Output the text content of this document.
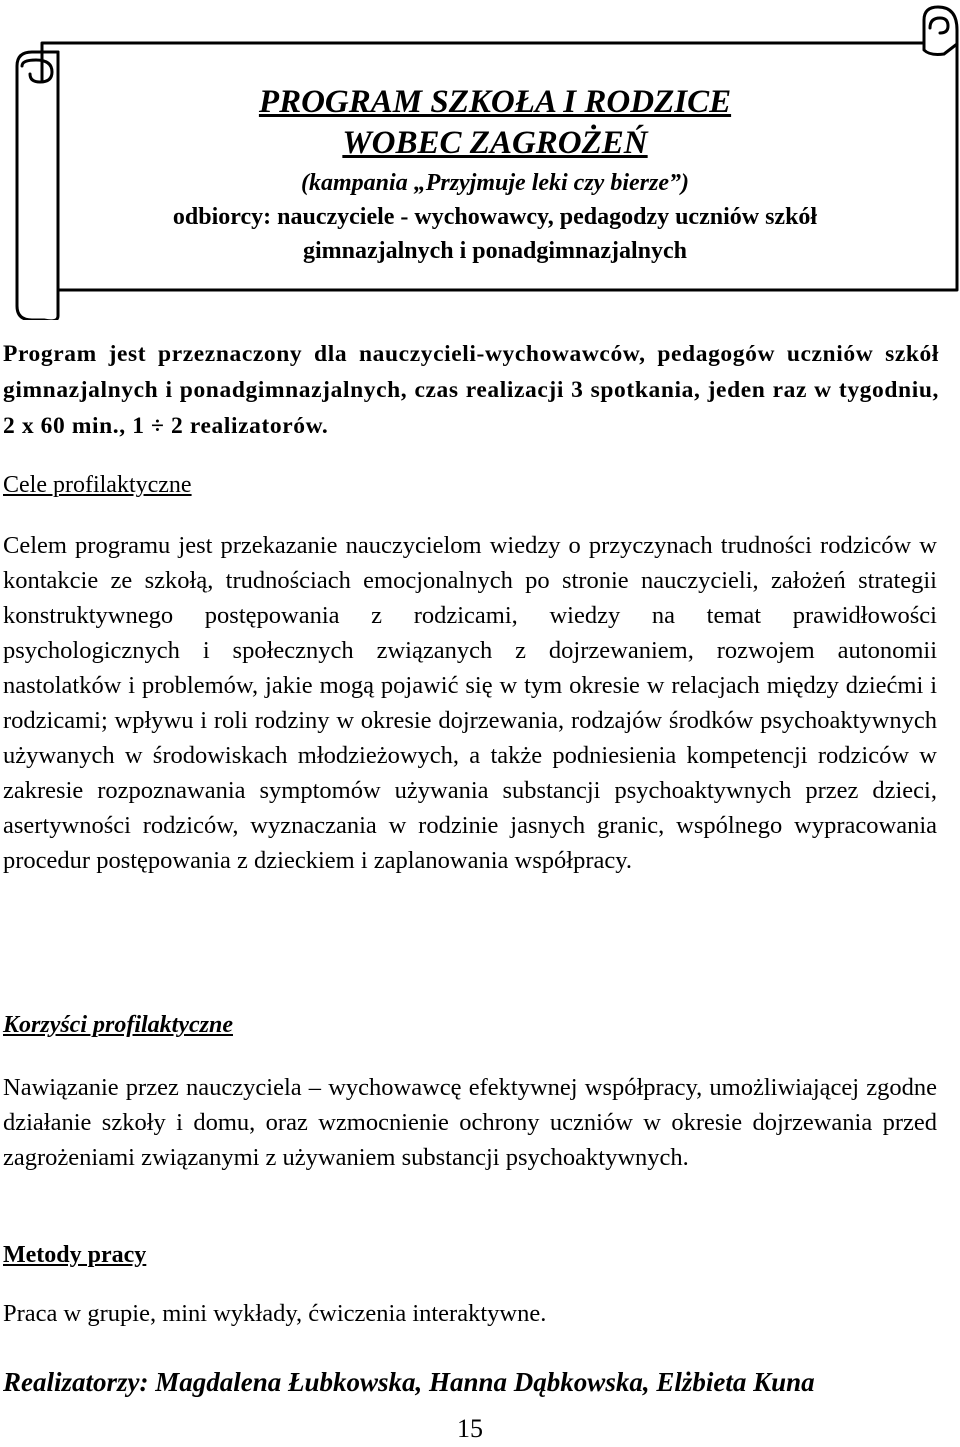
PROGRAM SZKOŁA I RODZICE
WOBEC ZAGROŻEŃ
(kampania „Przyjmuje leki czy bierze”)
odbiorcy: nauczyciele - wychowawcy, pedagodzy uczniów szkół
gimnazjalnych i ponadgimnazjalnych
Program jest przeznaczony dla nauczycieli-wychowawców, pedagogów uczniów szkół gimnazjalnych i ponadgimnazjalnych, czas realizacji 3 spotkania, jeden raz w tygodniu, 2 x 60 min., 1 ÷ 2 realizatorów.
Cele profilaktyczne
Celem programu jest przekazanie nauczycielom wiedzy o przyczynach trudności rodziców w kontakcie ze szkołą, trudnościach emocjonalnych po stronie nauczycieli, założeń strategii konstruktywnego postępowania z rodzicami, wiedzy na temat prawidłowości psychologicznych i społecznych związanych z dojrzewaniem, rozwojem autonomii nastolatków i problemów, jakie mogą pojawić się w tym okresie w relacjach między dziećmi i rodzicami; wpływu i roli rodziny w okresie dojrzewania, rodzajów środków psychoaktywnych używanych w środowiskach młodzieżowych, a także podniesienia kompetencji rodziców w zakresie rozpoznawania symptomów używania substancji psychoaktywnych przez dzieci, asertywności rodziców, wyznaczania w rodzinie jasnych granic, wspólnego wypracowania procedur postępowania z dzieckiem i zaplanowania współpracy.
Korzyści profilaktyczne
Nawiązanie przez nauczyciela – wychowawcę efektywnej współpracy, umożliwiającej zgodne działanie szkoły i domu, oraz wzmocnienie ochrony uczniów w okresie dojrzewania przed zagrożeniami związanymi z używaniem substancji psychoaktywnych.
Metody pracy
Praca w grupie, mini wykłady, ćwiczenia interaktywne.
Realizatorzy: Magdalena Łubkowska, Hanna Dąbkowska, Elżbieta Kuna
15
